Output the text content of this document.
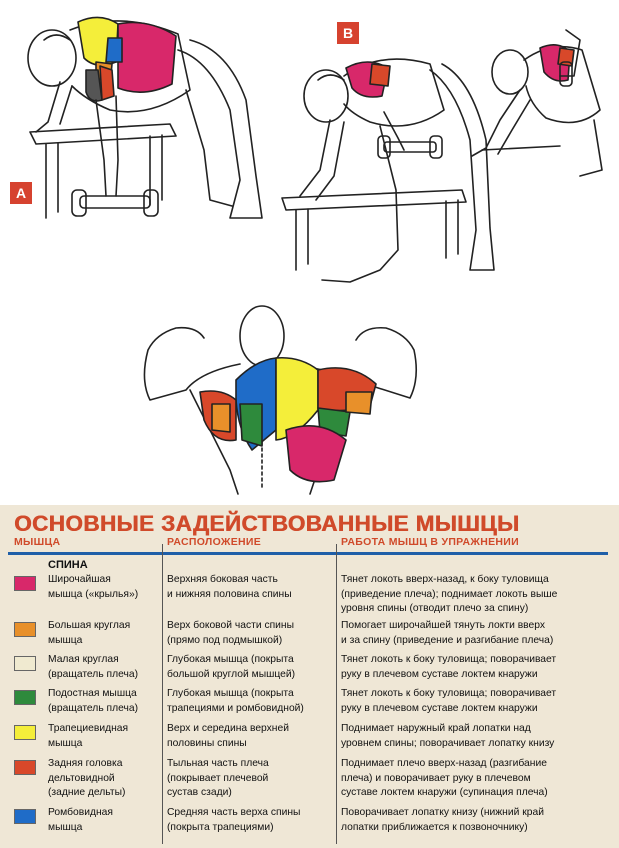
A
B
ОСНОВНЫЕ ЗАДЕЙСТВОВАННЫЕ МЫШЦЫ
МЫШЦА	РАСПОЛОЖЕНИЕ	РАБОТА МЫШЦ В УПРАЖНЕНИИ
СПИНА
Широчайшая
мышца («крылья»)
Верхняя боковая часть
и нижняя половина спины
Тянет локоть вверх-назад, к боку туловища
(приведение плеча); поднимает локоть выше
уровня спины (отводит плечо за спину)
Большая круглая
мышца
Верх боковой части спины
(прямо под подмышкой)
Помогает широчайшей тянуть локти вверх
и за спину (приведение и разгибание плеча)
Малая круглая
(вращатель плеча)
Глубокая мышца (покрыта
большой круглой мышцей)
Тянет локоть к боку туловища; поворачивает
руку в плечевом суставе локтем кнаружи
Подостная мышца
(вращатель плеча)
Глубокая мышца (покрыта
трапециями и ромбовидной)
Тянет локоть к боку туловища; поворачивает
руку в плечевом суставе локтем кнаружи
Трапециевидная
мышца
Верх и середина верхней
половины спины
Поднимает наружный край лопатки над
уровнем спины; поворачивает лопатку книзу
Задняя головка
дельтовидной
(задние дельты)
Тыльная часть плеча
(покрывает плечевой
сустав сзади)
Поднимает плечо вверх-назад (разгибание
плеча) и поворачивает руку в плечевом
суставе локтем кнаружи (супинация плеча)
Ромбовидная
мышца
Средняя часть верха спины
(покрыта трапециями)
Поворачивает лопатку книзу (нижний край
лопатки приближается к позвоночнику)
